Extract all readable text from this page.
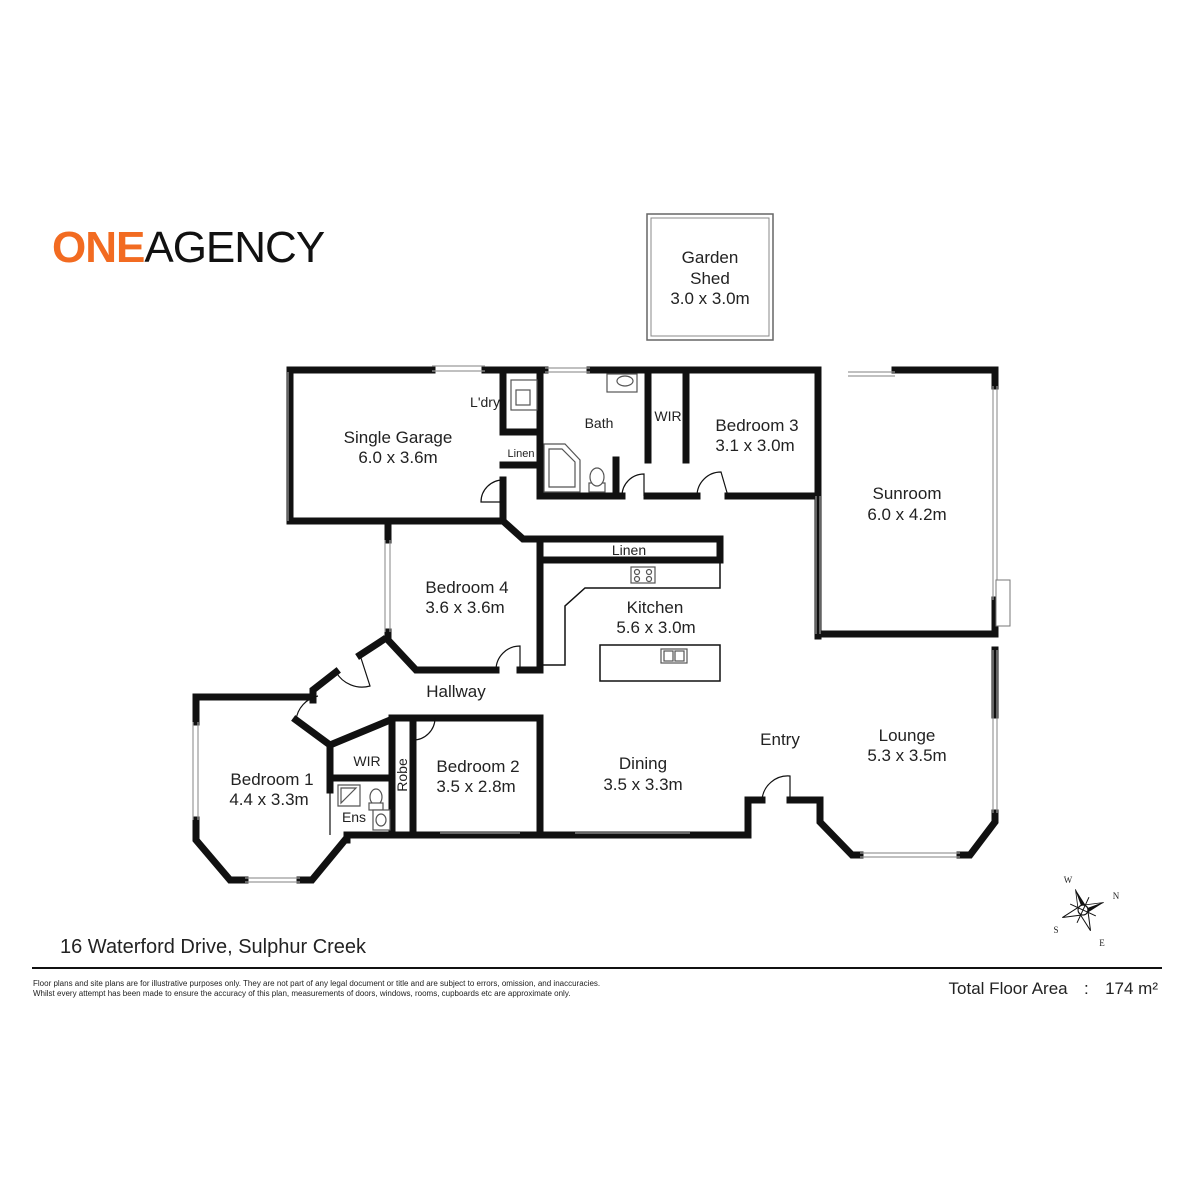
ONEAGENCY	Garden
Shed
3.0 x 3.0m
Single Garage
6.0 x 3.6m
L'dry
Linen
Bath	WIR Bedroom 3
3.1 x 3.0m
Sunroom
6.0 x 4.2m
Linen
Bedroom 4
3.6 x 3.6m	Kitchen
5.6 x 3.0m
Hallway
Entry	Lounge
5.3 x 3.5m
Bedroom 1
4.4 x 3.3m
WIR
Ens
Robe Bedroom 2
3.5 x 2.8m
Dining
3.5 x 3.3m
W
N
S
E
16 Waterford Drive, Sulphur Creek
Floor plans and site plans are for illustrative purposes only. They are not part of any legal document or title and are subject to errors, omission, and inaccuracies.
Whilst every attempt has been made to ensure the accuracy of this plan, measurements of doors, windows, rooms, cupboards etc are approximate only.	Total Floor Area : 174 m²
